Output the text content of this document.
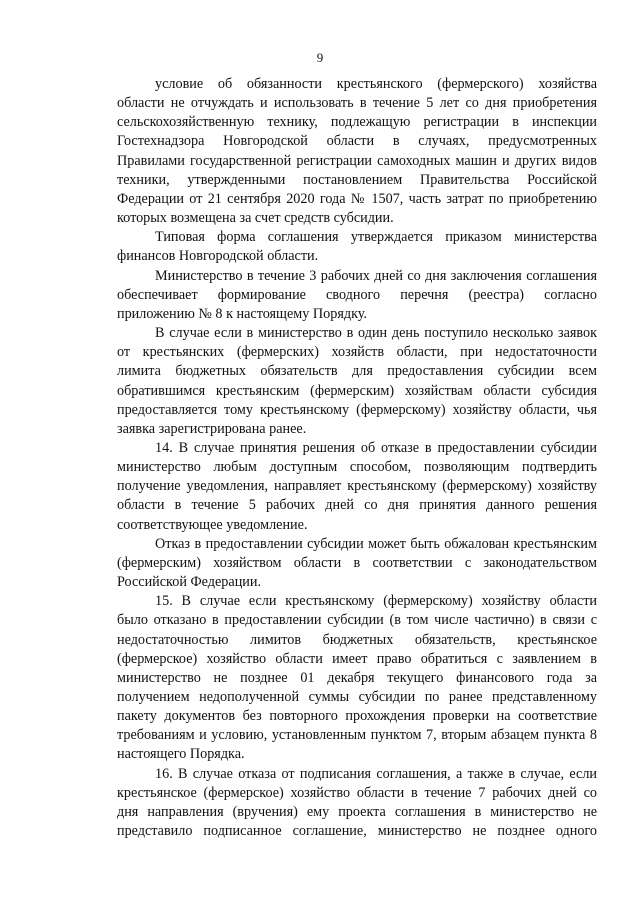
9
условие об обязанности крестьянского (фермерского) хозяйства
области не отчуждать и использовать в течение 5 лет со дня приобретения
сельскохозяйственную технику, подлежащую регистрации в инспекции
Гостехнадзора Новгородской области в случаях, предусмотренных
Правилами государственной регистрации самоходных машин и других видов
техники, утвержденными постановлением Правительства Российской
Федерации от 21 сентября 2020 года № 1507, часть затрат по приобретению
которых возмещена за счет средств субсидии.
Типовая форма соглашения утверждается приказом министерства
финансов Новгородской области.
Министерство в течение 3 рабочих дней со дня заключения соглашения
обеспечивает формирование сводного перечня (реестра) согласно
приложению № 8 к настоящему Порядку.
В случае если в министерство в один день поступило несколько заявок
от крестьянских (фермерских) хозяйств области, при недостаточности
лимита бюджетных обязательств для предоставления субсидии всем
обратившимся крестьянским (фермерским) хозяйствам области субсидия
предоставляется тому крестьянскому (фермерскому) хозяйству области, чья
заявка зарегистрирована ранее.
14. В случае принятия решения об отказе в предоставлении субсидии
министерство любым доступным способом, позволяющим подтвердить
получение уведомления, направляет крестьянскому (фермерскому) хозяйству
области в течение 5 рабочих дней со дня принятия данного решения
соответствующее уведомление.
Отказ в предоставлении субсидии может быть обжалован крестьянским
(фермерским) хозяйством области в соответствии с законодательством
Российской Федерации.
15. В случае если крестьянскому (фермерскому) хозяйству области
было отказано в предоставлении субсидии (в том числе частично) в связи с
недостаточностью лимитов бюджетных обязательств, крестьянское
(фермерское) хозяйство области имеет право обратиться с заявлением в
министерство не позднее 01 декабря текущего финансового года за
получением недополученной суммы субсидии по ранее представленному
пакету документов без повторного прохождения проверки на соответствие
требованиям и условию, установленным пунктом 7, вторым абзацем пункта 8
настоящего Порядка.
16. В случае отказа от подписания соглашения, а также в случае, если
крестьянское (фермерское) хозяйство области в течение 7 рабочих дней со
дня направления (вручения) ему проекта соглашения в министерство не
представило подписанное соглашение, министерство не позднее одного
